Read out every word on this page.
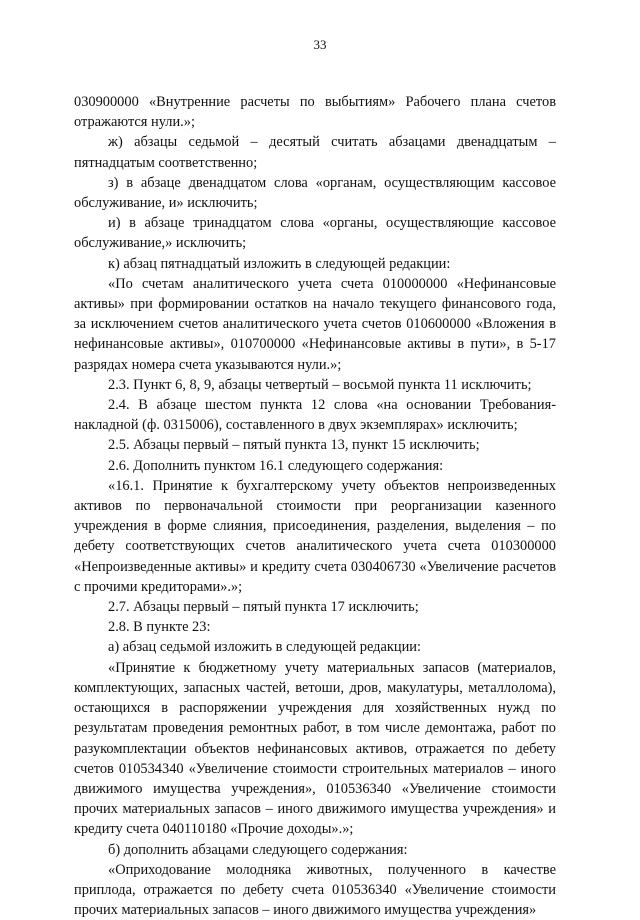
33

030900000 «Внутренние расчеты по выбытиям» Рабочего плана счетов отражаются нули.»;

ж) абзацы седьмой – десятый считать абзацами двенадцатым – пятнадцатым соответственно;

з) в абзаце двенадцатом слова «органам, осуществляющим кассовое обслуживание, и» исключить;

и) в абзаце тринадцатом слова «органы, осуществляющие кассовое обслуживание,» исключить;

к) абзац пятнадцатый изложить в следующей редакции:

«По счетам аналитического учета счета 010000000 «Нефинансовые активы» при формировании остатков на начало текущего финансового года, за исключением счетов аналитического учета счетов 010600000 «Вложения в нефинансовые активы», 010700000 «Нефинансовые активы в пути», в 5-17 разрядах номера счета указываются нули.»;

2.3. Пункт 6, 8, 9, абзацы четвертый – восьмой пункта 11 исключить;

2.4. В абзаце шестом пункта 12 слова «на основании Требования-накладной (ф. 0315006), составленного в двух экземплярах» исключить;

2.5. Абзацы первый – пятый пункта 13, пункт 15 исключить;

2.6. Дополнить пунктом 16.1 следующего содержания:

«16.1. Принятие к бухгалтерскому учету объектов непроизведенных активов по первоначальной стоимости при реорганизации казенного учреждения в форме слияния, присоединения, разделения, выделения – по дебету соответствующих счетов аналитического учета счета 010300000 «Непроизведенные активы» и кредиту счета 030406730 «Увеличение расчетов с прочими кредиторами».»;

2.7. Абзацы первый – пятый пункта 17 исключить;

2.8. В пункте 23:

а) абзац седьмой изложить в следующей редакции:

«Принятие к бюджетному учету материальных запасов (материалов, комплектующих, запасных частей, ветоши, дров, макулатуры, металлолома), остающихся в распоряжении учреждения для хозяйственных нужд по результатам проведения ремонтных работ, в том числе демонтажа, работ по разукомплектации объектов нефинансовых активов, отражается по дебету счетов 010534340 «Увеличение стоимости строительных материалов – иного движимого имущества учреждения», 010536340 «Увеличение стоимости прочих материальных запасов – иного движимого имущества учреждения» и кредиту счета 040110180 «Прочие доходы».»;

б) дополнить абзацами следующего содержания:

«Оприходование молодняка животных, полученного в качестве приплода, отражается по дебету счета 010536340 «Увеличение стоимости прочих материальных запасов – иного движимого имущества учреждения»
